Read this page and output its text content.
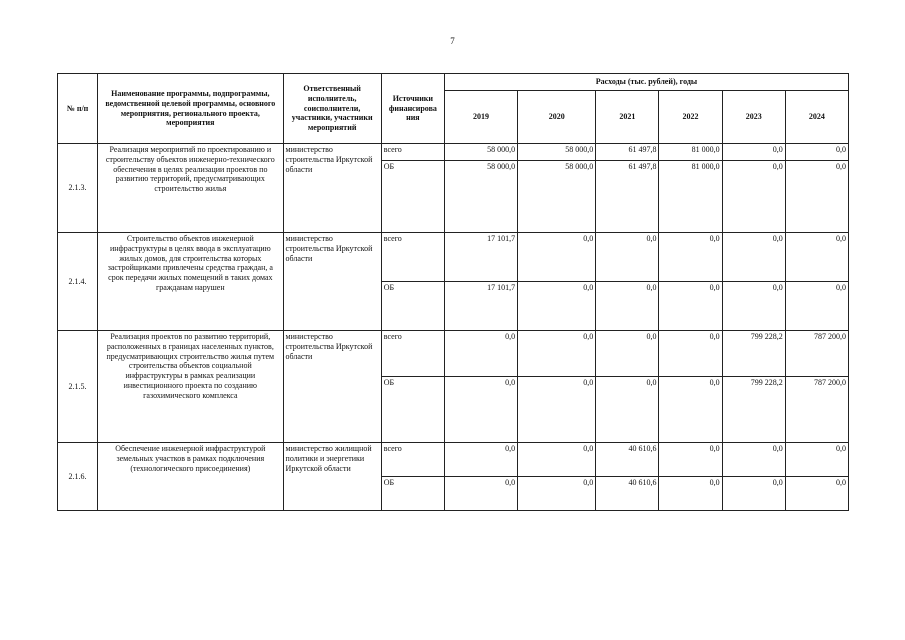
7
№ п/п	Наименование программы, подпрограммы, ведомственной целевой программы, основного мероприятия, регионального проекта, мероприятия	Ответственный исполнитель, соисполнители, участники, участники мероприятий	Источники финансирова ния	Расходы (тыс. рублей), годы					
				2019	2020	2021	2022	2023	2024
2.1.3.	Реализация мероприятий по проектированию и строительству объектов инженерно-технического обеспечения в целях реализации проектов по развитию территорий, предусматривающих строительство жилья	министерство строительства Иркутской области	всего	58 000,0	58 000,0	61 497,8	81 000,0	0,0	0,0
			ОБ	58 000,0	58 000,0	61 497,8	81 000,0	0,0	0,0
2.1.4.	Строительство объектов инженерной инфраструктуры в целях ввода в эксплуатацию жилых домов, для строительства которых застройщиками привлечены средства граждан, а срок передачи жилых помещений в таких домах гражданам нарушен	министерство строительства Иркутской области	всего	17 101,7	0,0	0,0	0,0	0,0	0,0
			ОБ	17 101,7	0,0	0,0	0,0	0,0	0,0
2.1.5.	Реализация проектов по развитию территорий, расположенных в границах населенных пунктов, предусматривающих строительство жилья путем строительства объектов социальной инфраструктуры в рамках реализации инвестиционного проекта по созданию газохимического комплекса	министерство строительства Иркутской области	всего	0,0	0,0	0,0	0,0	799 228,2	787 200,0
			ОБ	0,0	0,0	0,0	0,0	799 228,2	787 200,0
2.1.6.	Обеспечение инженерной инфраструктурой земельных участков в рамках подключения (технологического присоединения)	министерство жилищной политики и энергетики Иркутской области	всего	0,0	0,0	40 610,6	0,0	0,0	0,0
			ОБ	0,0	0,0	40 610,6	0,0	0,0	0,0
